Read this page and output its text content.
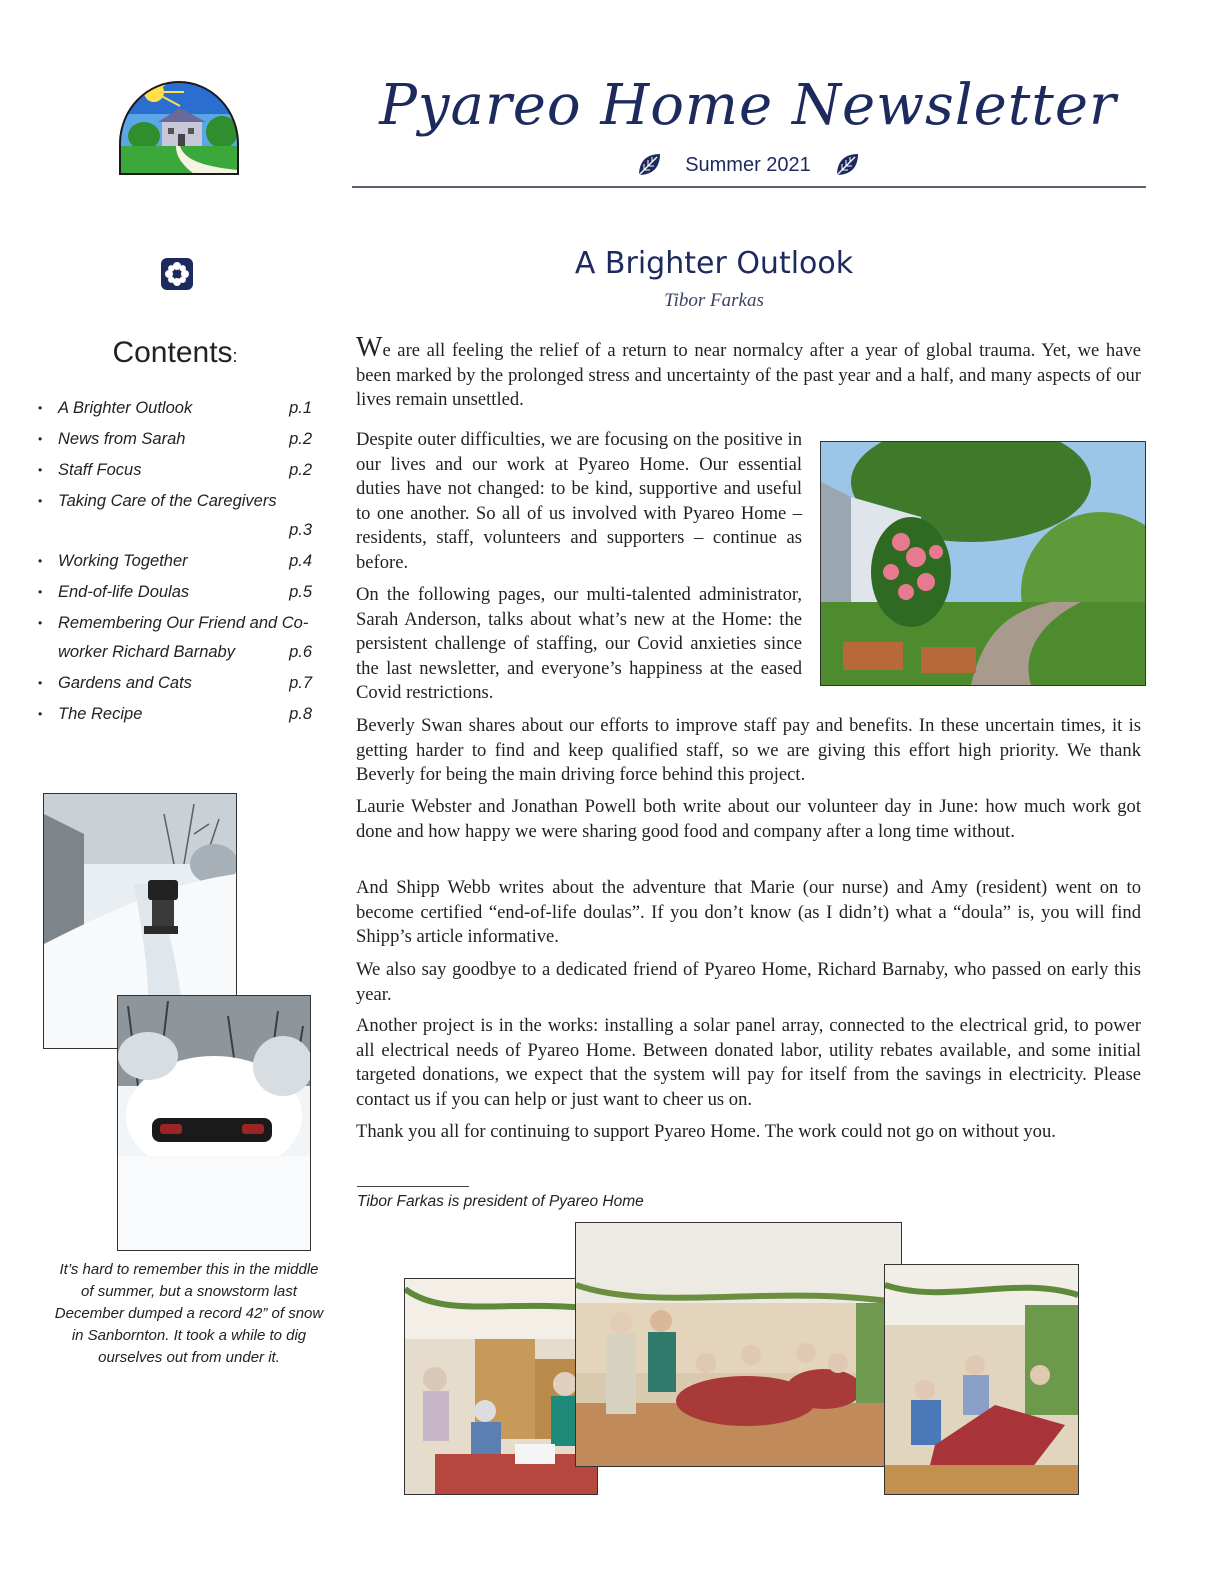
Pyareo Home Newsletter
Summer 2021
Contents:
• A Brighter Outlook	p.1
• News from Sarah	p.2
• Staff Focus	p.2
• Taking Care of the Caregivers
p.3
• Working Together	p.4
• End-of-life Doulas	p.5
• Remembering Our Friend and Co-
worker Richard Barnaby	p.6
• Gardens and Cats	p.7
• The Recipe	p.8
It’s hard to remember this in the middle of summer, but a snowstorm last December dumped a record 42” of snow in Sanbornton. It took a while to dig ourselves out from under it.
A Brighter Outlook
Tibor Farkas

We are all feeling the relief of a return to near normalcy after a year of global trauma. Yet, we have been marked by the prolonged stress and uncertainty of the past year and a half, and many aspects of our lives remain unsettled.

Despite outer difficulties, we are focusing on the positive in our lives and our work at Pyareo Home. Our essential duties have not changed: to be kind, supportive and useful to one another. So all of us involved with Pyareo Home – residents, staff, volunteers and supporters – continue as before.

On the following pages, our multi-talented administrator, Sarah Anderson, talks about what’s new at the Home: the persistent challenge of staffing, our Covid anxieties since the last newsletter, and everyone’s happiness at the eased Covid restrictions.

Beverly Swan shares about our efforts to improve staff pay and benefits. In these uncertain times, it is getting harder to find and keep qualified staff, so we are giving this effort high priority. We thank Beverly for being the main driving force behind this project.

Laurie Webster and Jonathan Powell both write about our volunteer day in June: how much work got done and how happy we were sharing good food and company after a long time without.

And Shipp Webb writes about the adventure that Marie (our nurse) and Amy (resident) went on to become certified “end-of-life doulas”. If you don’t know (as I didn’t) what a “doula” is, you will find Shipp’s article informative.

We also say goodbye to a dedicated friend of Pyareo Home, Richard Barnaby, who passed on early this year.

Another project is in the works: installing a solar panel array, connected to the electrical grid, to power all electrical needs of Pyareo Home. Between donated labor, utility rebates available, and some initial targeted donations, we expect that the system will pay for itself from the savings in electricity. Please contact us if you can help or just want to cheer us on.

Thank you all for continuing to support Pyareo Home. The work could not go on without you.

Tibor Farkas is president of Pyareo Home
